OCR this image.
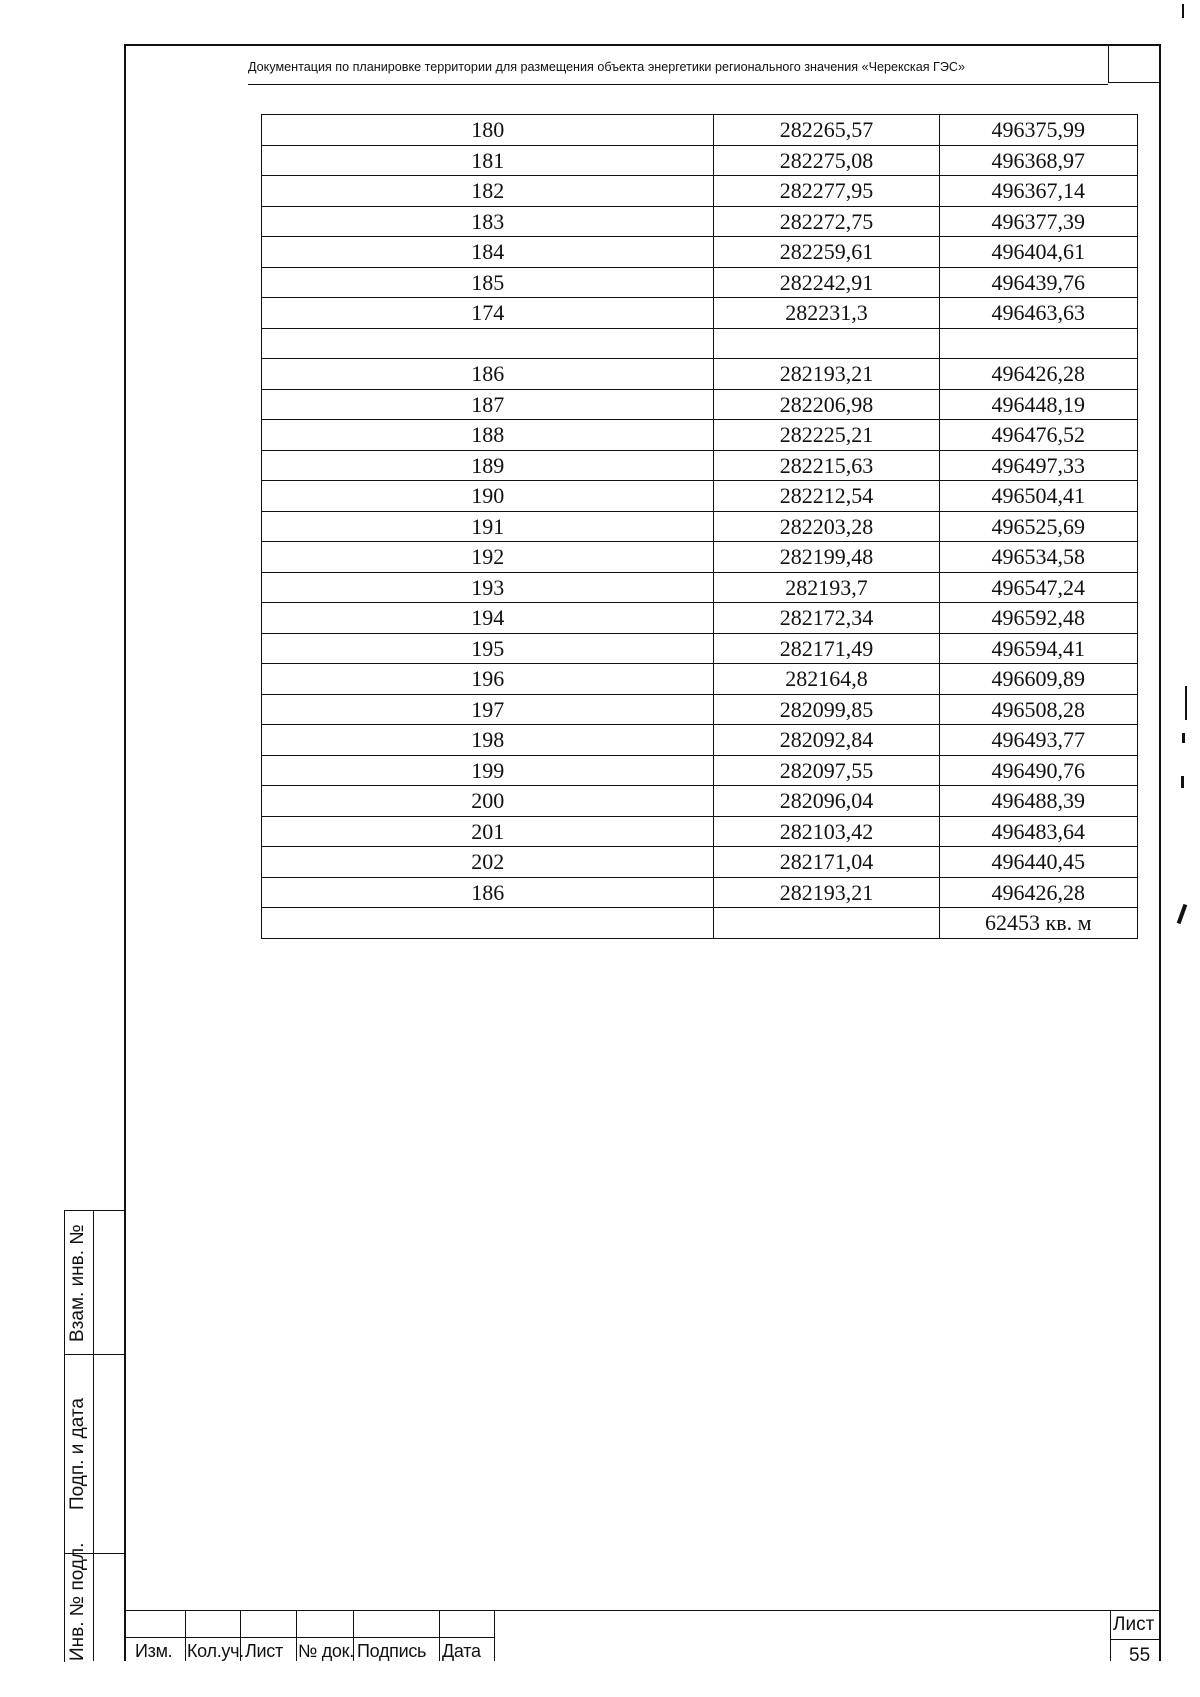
Документация по планировке территории для размещения объекта энергетики регионального значения «Черекская ГЭС»
180	282265,57	496375,99
181	282275,08	496368,97
182	282277,95	496367,14
183	282272,75	496377,39
184	282259,61	496404,61
185	282242,91	496439,76
174	282231,3	496463,63

186	282193,21	496426,28
187	282206,98	496448,19
188	282225,21	496476,52
189	282215,63	496497,33
190	282212,54	496504,41
191	282203,28	496525,69
192	282199,48	496534,58
193	282193,7	496547,24
194	282172,34	496592,48
195	282171,49	496594,41
196	282164,8	496609,89
197	282099,85	496508,28
198	282092,84	496493,77
199	282097,55	496490,76
200	282096,04	496488,39
201	282103,42	496483,64
202	282171,04	496440,45
186	282193,21	496426,28
		62453 кв. м
Взам. инв. №
Подп. и дата
Инв. № подл.	Изм. Кол.уч. Лист № док. Подпись Дата
Лист
55
